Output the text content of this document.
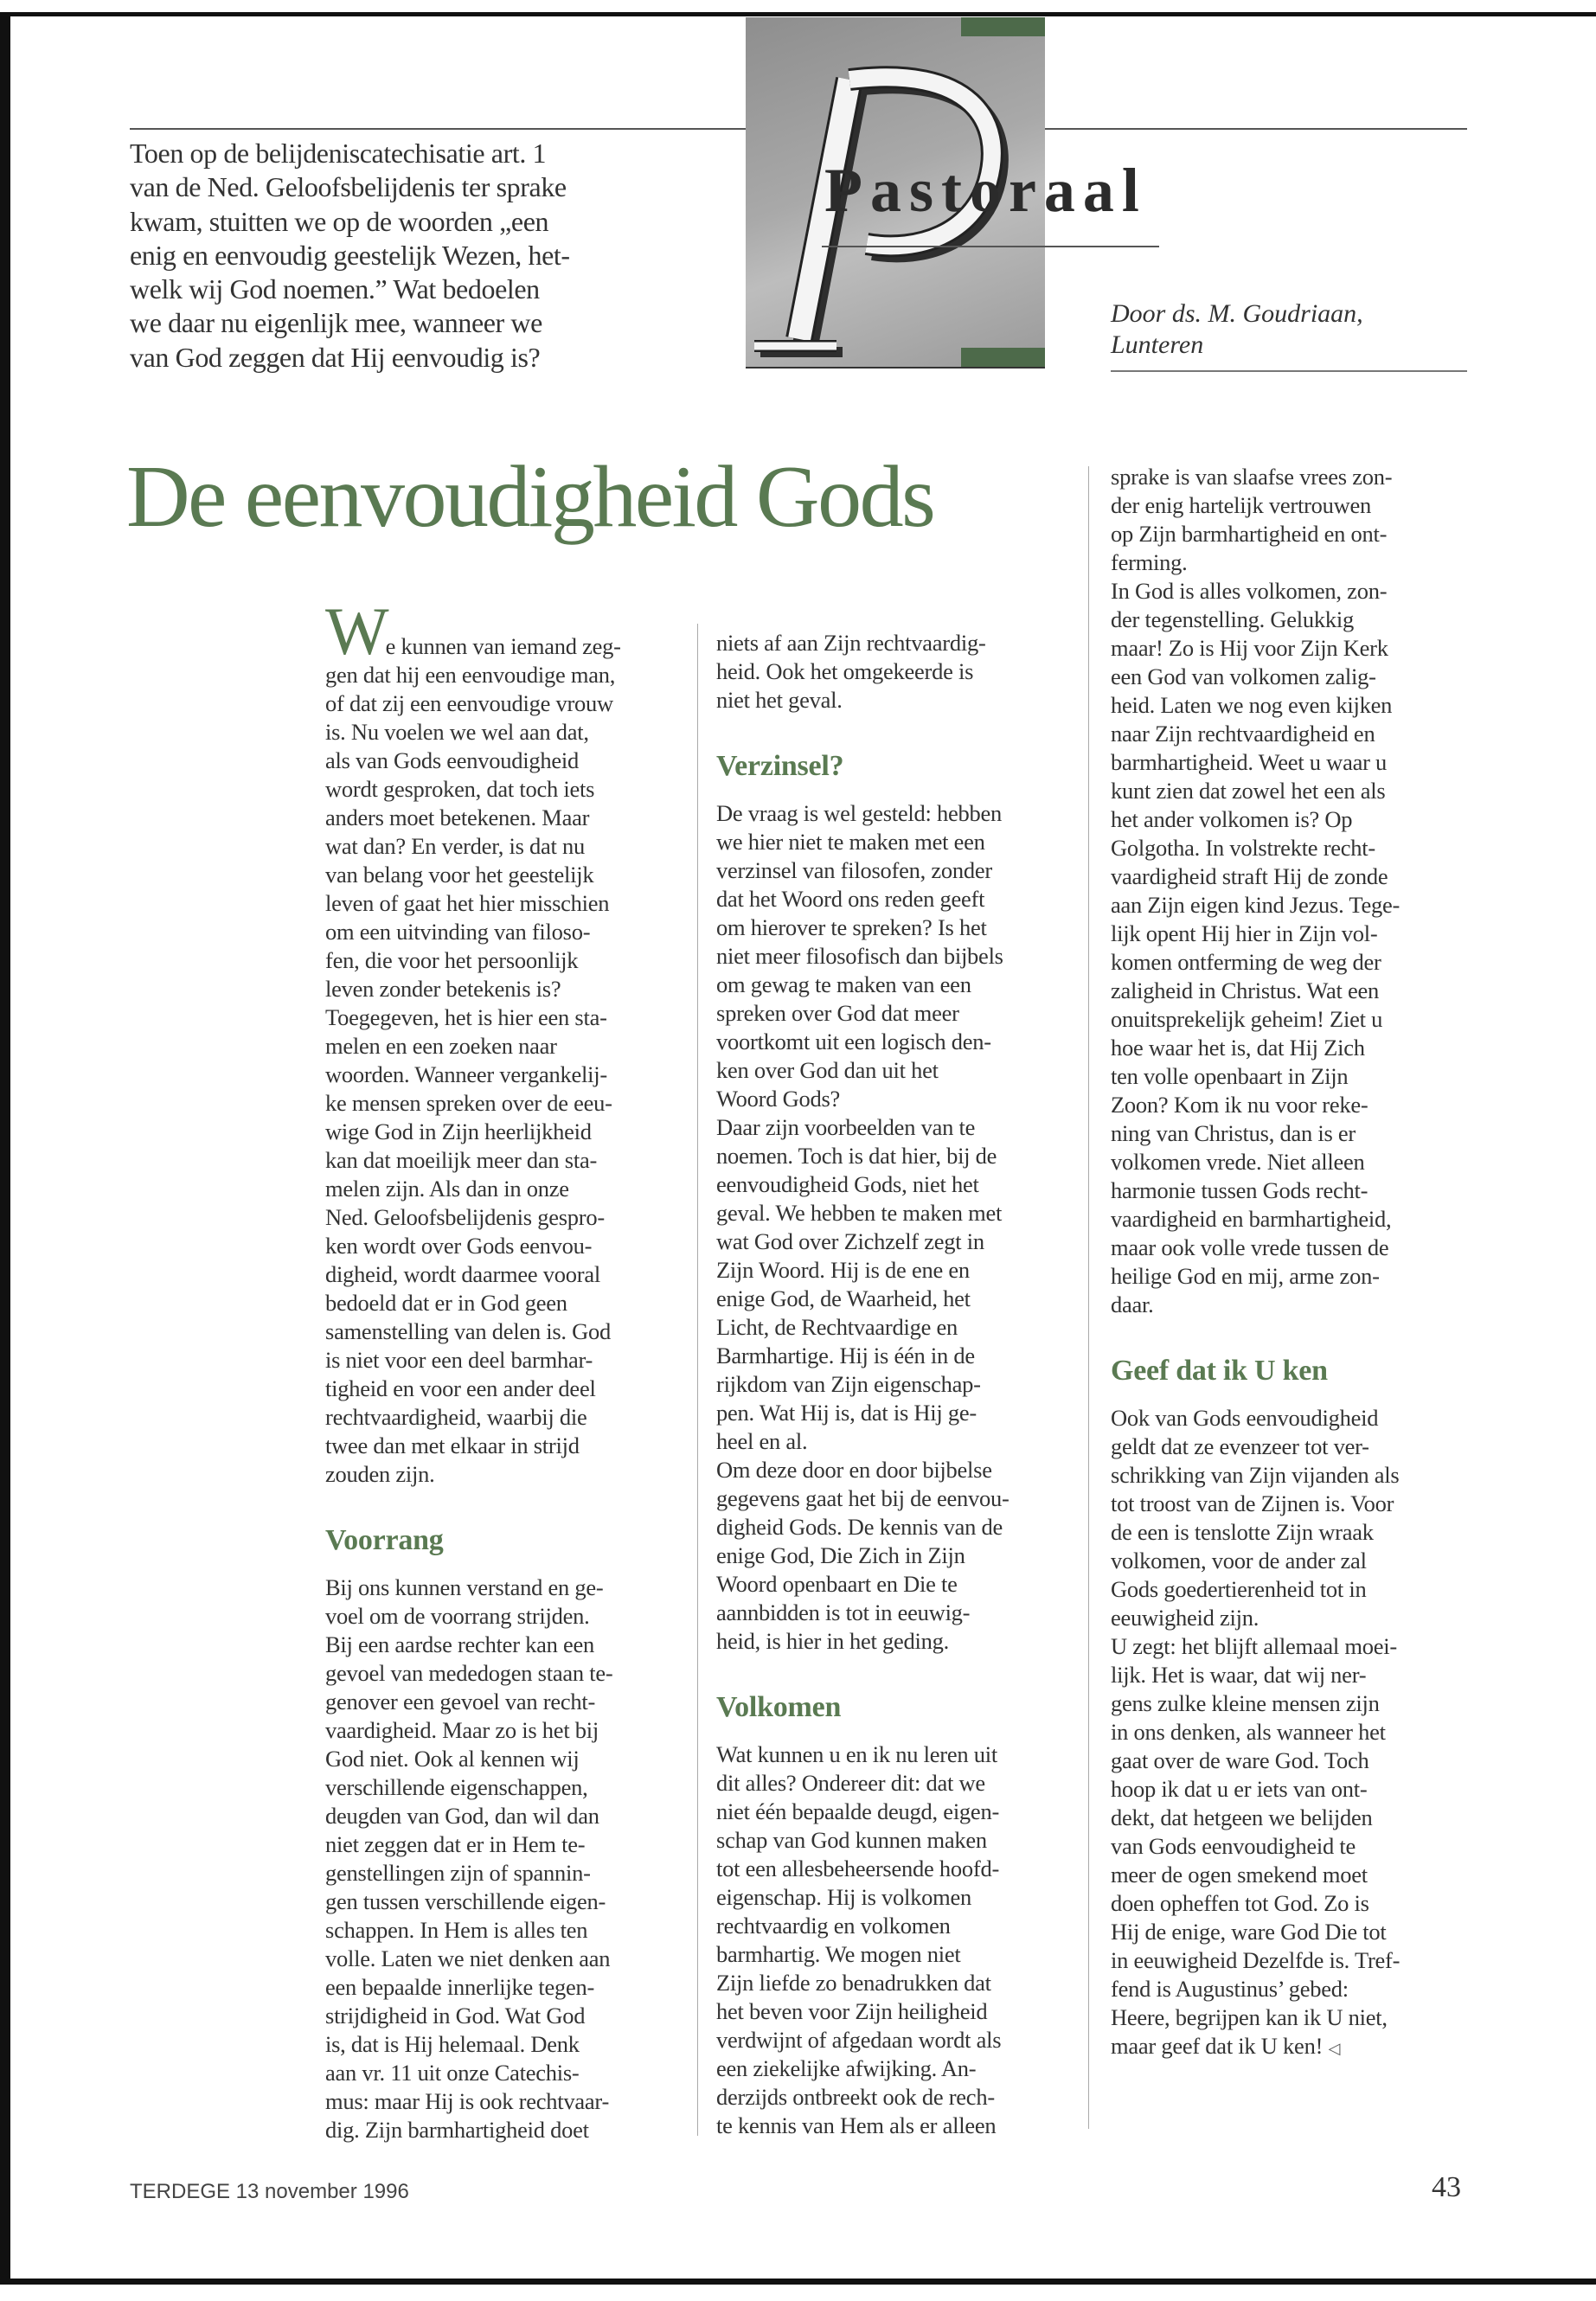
Toen op de belijdeniscatechisatie art. 1
van de Ned. Geloofsbelijdenis ter sprake
kwam, stuitten we op de woorden „een
enig en eenvoudig geestelijk Wezen, het-
welk wij God noemen.” Wat bedoelen
we daar nu eigenlijk mee, wanneer we
van God zeggen dat Hij eenvoudig is?
Pastoraal
Door ds. M. Goudriaan,
Lunteren
De eenvoudigheid Gods

We kunnen van iemand zeg-
gen dat hij een eenvoudige man,
of dat zij een eenvoudige vrouw
is. Nu voelen we wel aan dat,
als van Gods eenvoudigheid
wordt gesproken, dat toch iets
anders moet betekenen. Maar
wat dan? En verder, is dat nu
van belang voor het geestelijk
leven of gaat het hier misschien
om een uitvinding van filoso-
fen, die voor het persoonlijk
leven zonder betekenis is?
Toegegeven, het is hier een sta-
melen en een zoeken naar
woorden. Wanneer vergankelij-
ke mensen spreken over de eeu-
wige God in Zijn heerlijkheid
kan dat moeilijk meer dan sta-
melen zijn. Als dan in onze
Ned. Geloofsbelijdenis gespro-
ken wordt over Gods eenvou-
digheid, wordt daarmee vooral
bedoeld dat er in God geen
samenstelling van delen is. God
is niet voor een deel barmhar-
tigheid en voor een ander deel
rechtvaardigheid, waarbij die
twee dan met elkaar in strijd
zouden zijn.

Voorrang

Bij ons kunnen verstand en ge-
voel om de voorrang strijden.
Bij een aardse rechter kan een
gevoel van mededogen staan te-
genover een gevoel van recht-
vaardigheid. Maar zo is het bij
God niet. Ook al kennen wij
verschillende eigenschappen,
deugden van God, dan wil dan
niet zeggen dat er in Hem te-
genstellingen zijn of spannin-
gen tussen verschillende eigen-
schappen. In Hem is alles ten
volle. Laten we niet denken aan
een bepaalde innerlijke tegen-
strijdigheid in God. Wat God
is, dat is Hij helemaal. Denk
aan vr. 11 uit onze Catechis-
mus: maar Hij is ook rechtvaar-
dig. Zijn barmhartigheid doet

niets af aan Zijn rechtvaardig-
heid. Ook het omgekeerde is
niet het geval.

Verzinsel?

De vraag is wel gesteld: hebben
we hier niet te maken met een
verzinsel van filosofen, zonder
dat het Woord ons reden geeft
om hierover te spreken? Is het
niet meer filosofisch dan bijbels
om gewag te maken van een
spreken over God dat meer
voortkomt uit een logisch den-
ken over God dan uit het
Woord Gods?
Daar zijn voorbeelden van te
noemen. Toch is dat hier, bij de
eenvoudigheid Gods, niet het
geval. We hebben te maken met
wat God over Zichzelf zegt in
Zijn Woord. Hij is de ene en
enige God, de Waarheid, het
Licht, de Rechtvaardige en
Barmhartige. Hij is één in de
rijkdom van Zijn eigenschap-
pen. Wat Hij is, dat is Hij ge-
heel en al.
Om deze door en door bijbelse
gegevens gaat het bij de eenvou-
digheid Gods. De kennis van de
enige God, Die Zich in Zijn
Woord openbaart en Die te
aannbidden is tot in eeuwig-
heid, is hier in het geding.

Volkomen

Wat kunnen u en ik nu leren uit
dit alles? Ondereer dit: dat we
niet één bepaalde deugd, eigen-
schap van God kunnen maken
tot een allesbeheersende hoofd-
eigenschap. Hij is volkomen
rechtvaardig en volkomen
barmhartig. We mogen niet
Zijn liefde zo benadrukken dat
het beven voor Zijn heiligheid
verdwijnt of afgedaan wordt als
een ziekelijke afwijking. An-
derzijds ontbreekt ook de rech-
te kennis van Hem als er alleen

sprake is van slaafse vrees zon-
der enig hartelijk vertrouwen
op Zijn barmhartigheid en ont-
ferming.
In God is alles volkomen, zon-
der tegenstelling. Gelukkig
maar! Zo is Hij voor Zijn Kerk
een God van volkomen zalig-
heid. Laten we nog even kijken
naar Zijn rechtvaardigheid en
barmhartigheid. Weet u waar u
kunt zien dat zowel het een als
het ander volkomen is? Op
Golgotha. In volstrekte recht-
vaardigheid straft Hij de zonde
aan Zijn eigen kind Jezus. Tege-
lijk opent Hij hier in Zijn vol-
komen ontferming de weg der
zaligheid in Christus. Wat een
onuitsprekelijk geheim! Ziet u
hoe waar het is, dat Hij Zich
ten volle openbaart in Zijn
Zoon? Kom ik nu voor reke-
ning van Christus, dan is er
volkomen vrede. Niet alleen
harmonie tussen Gods recht-
vaardigheid en barmhartigheid,
maar ook volle vrede tussen de
heilige God en mij, arme zon-
daar.

Geef dat ik U ken

Ook van Gods eenvoudigheid
geldt dat ze evenzeer tot ver-
schrikking van Zijn vijanden als
tot troost van de Zijnen is. Voor
de een is tenslotte Zijn wraak
volkomen, voor de ander zal
Gods goedertierenheid tot in
eeuwigheid zijn.
U zegt: het blijft allemaal moei-
lijk. Het is waar, dat wij ner-
gens zulke kleine mensen zijn
in ons denken, als wanneer het
gaat over de ware God. Toch
hoop ik dat u er iets van ont-
dekt, dat hetgeen we belijden
van Gods eenvoudigheid te
meer de ogen smekend moet
doen opheffen tot God. Zo is
Hij de enige, ware God Die tot
in eeuwigheid Dezelfde is. Tref-
fend is Augustinus’ gebed:
Heere, begrijpen kan ik U niet,
maar geef dat ik U ken! ◁

TERDEGE 13 november 1996	43
